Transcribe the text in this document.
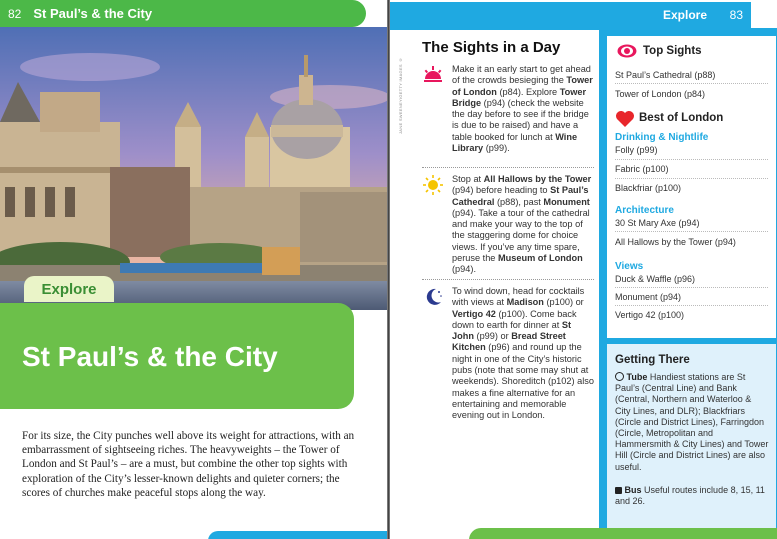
82 St Paul’s & the City
Explore
St Paul’s & the City

For its size, the City punches well above its weight for attractions, with an embarrassment of sightseeing riches. The heavyweights – the Tower of London and St Paul’s – are a must, but combine the other top sights with exploration of the City’s lesser-known delights and quieter corners; the scores of churches make peaceful stops along the way.

Explore 83
JANE SWEENEY/GETTY IMAGES ©
The Sights in a Day

Make it an early start to get ahead of the crowds besieging the Tower of London (p84). Explore Tower Bridge (p94) (check the website the day before to see if the bridge is due to be raised) and have a table booked for lunch at Wine Library (p99).

Stop at All Hallows by the Tower (p94) before heading to St Paul’s Cathedral (p88), past Monument (p94). Take a tour of the cathedral and make your way to the top of the staggering dome for choice views. If you’ve any time spare, peruse the Museum of London (p94).

To wind down, head for cocktails with views at Madison (p100) or Vertigo 42 (p100). Come back down to earth for dinner at St John (p99) or Bread Street Kitchen (p96) and round up the night in one of the City’s historic pubs (note that some may shut at weekends). Shoreditch (p102) also makes a fine alternative for an entertaining and memorable evening out in London.

Top Sights
St Paul’s Cathedral (p88)
Tower of London (p84)
Best of London
Drinking & Nightlife
Folly (p99)
Fabric (p100)
Blackfriar (p100)
Architecture
30 St Mary Axe (p94)
All Hallows by the Tower (p94)
Views
Duck & Waffle (p96)
Monument (p94)
Vertigo 42 (p100)
Getting There

Tube Handiest stations are St Paul’s (Central Line) and Bank (Central, Northern and Waterloo & City Lines, and DLR); Blackfriars (Circle and District Lines), Farringdon (Circle, Metropolitan and Hammersmith & City Lines) and Tower Hill (Circle and District Lines) are also useful.

Bus Useful routes include 8, 15, 11 and 26.
